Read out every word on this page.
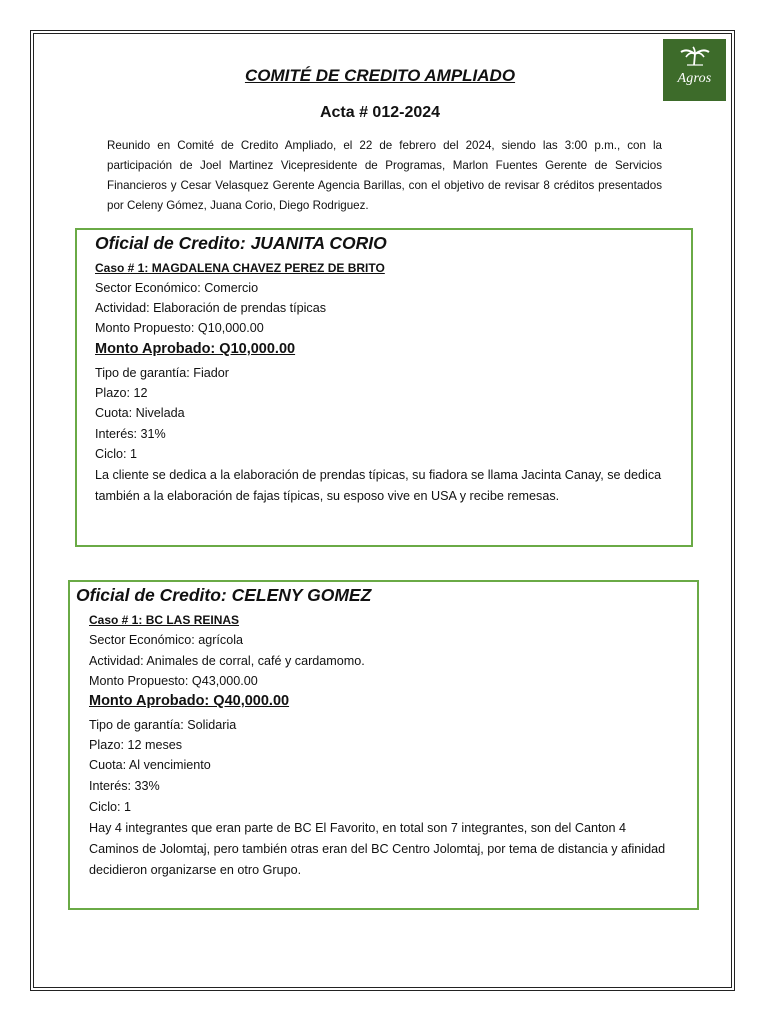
Agros
COMITÉ DE CREDITO AMPLIADO
Acta # 012-2024
Reunido en Comité de Credito Ampliado, el 22 de febrero del 2024, siendo las 3:00 p.m., con la participación de Joel Martinez Vicepresidente de Programas, Marlon Fuentes Gerente de Servicios Financieros y Cesar Velasquez Gerente Agencia Barillas, con el objetivo de revisar 8 créditos presentados por Celeny Gómez, Juana Corio, Diego Rodriguez.
Oficial de Credito: JUANITA CORIO
Caso # 1: MAGDALENA CHAVEZ PEREZ DE BRITO
Sector Económico: Comercio
Actividad: Elaboración de prendas típicas
Monto Propuesto: Q10,000.00
Monto Aprobado: Q10,000.00
Tipo de garantía: Fiador
Plazo: 12
Cuota: Nivelada
Interés: 31%
Ciclo: 1
La cliente se dedica a la elaboración de prendas típicas, su fiadora se llama Jacinta Canay, se dedica también a la elaboración de fajas típicas, su esposo vive en USA y recibe remesas.
Oficial de Credito: CELENY GOMEZ
Caso # 1: BC LAS REINAS
Sector Económico: agrícola
Actividad: Animales de corral, café y cardamomo.
Monto Propuesto: Q43,000.00
Monto Aprobado: Q40,000.00
Tipo de garantía: Solidaria
Plazo: 12 meses
Cuota: Al vencimiento
Interés: 33%
Ciclo: 1
Hay 4 integrantes que eran parte de BC El Favorito, en total son 7 integrantes, son del Canton 4 Caminos de Jolomtaj, pero también otras eran del BC Centro Jolomtaj, por tema de distancia y afinidad decidieron organizarse en otro Grupo.
